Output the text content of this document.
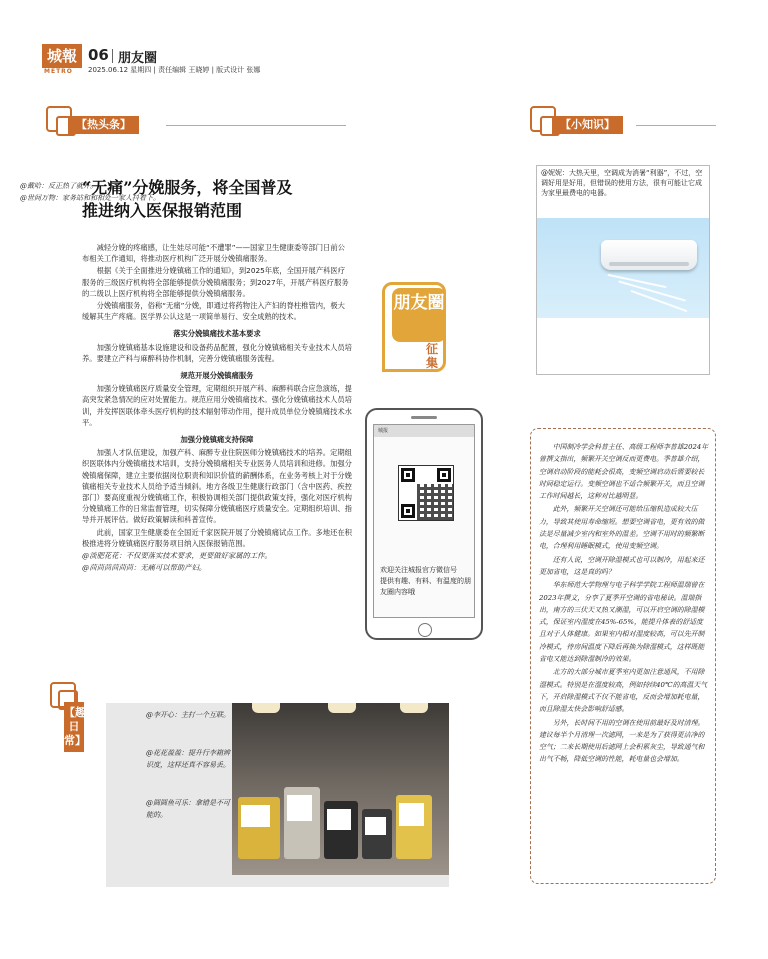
城報
METRO
06 朋友圈
2025.06.12 星期四 | 责任编辑 王晓婷 | 版式设计 张娜
【热头条】
“无痛”分娩服务，将全国普及
推进纳入医保报销范围

减轻分娩的疼痛感，让生娃尽可能“不遭罪”——国家卫生健康委等部门日前公布相关工作通知，将推动医疗机构广泛开展分娩镇痛服务。

根据《关于全面推进分娩镇痛工作的通知》，到2025年底，全国开展产科医疗服务的三级医疗机构将全部能够提供分娩镇痛服务；到2027年，开展产科医疗服务的二级以上医疗机构将全部能够提供分娩镇痛服务。

分娩镇痛服务，俗称“无痛”分娩，即通过将药物注入产妇的脊柱椎管内，极大缓解其生产疼痛。医学界公认这是一项简单易行、安全成熟的技术。

落实分娩镇痛技术基本要求

加强分娩镇痛基本设施建设和设备药品配置，强化分娩镇痛相关专业技术人员培养。要建立产科与麻醉科协作机制，完善分娩镇痛服务流程。

规范开展分娩镇痛服务

加强分娩镇痛医疗质量安全管理，定期组织开展产科、麻醉科联合应急演练，提高突发紧急情况的应对处置能力。规范应用分娩镇痛技术。强化分娩镇痛技术人员培训，并发挥医联体牵头医疗机构的技术辐射带动作用，提升成员单位分娩镇痛技术水平。

加强分娩镇痛支持保障

加强人才队伍建设，加强产科、麻醉专业住院医师分娩镇痛技术的培养。定期组织医联体内分娩镇痛技术培训，支持分娩镇痛相关专业医务人员培训和进修。加强分娩镇痛保障，建立主要依据岗位职责和知识价值的薪酬体系，在业务考核上对于分娩镇痛相关专业技术人员给予适当倾斜。地方各级卫生健康行政部门（含中医药、疾控部门）要高度重视分娩镇痛工作，积极协调相关部门提供政策支持，强化对医疗机构分娩镇痛工作的日常监督管理，切实保障分娩镇痛医疗质量安全。定期组织培训、指导并开展评估。做好政策解读和科普宣传。

此前，国家卫生健康委在全国近千家医院开展了分娩镇痛试点工作。多地还在积极推进将分娩镇痛医疗服务项目纳入医保报销范围。

@淡肥花花：不仅要落实技术要求，更要做好家属的工作。

@茴茴茴茴茴茴：无痛可以帮助产妇。

朋友圈
征集
城报
欢迎关注城报官方微信号
提供有趣、有料、有温度的朋友圈内容哦
【小知识】
@妮妮：大热天里，空调成为消暑“利器”，不过，空调好用是好用，但错误的使用方法，很有可能让它成为家里最费电的电器。
@戴哈：反正热了就开。
@世间万物：家务站和和相处一家人抖着下。

中国制冷学会科普主任、高级工程师李普雄2024年曾撰文指出，频繁开关空调反而更费电。季普雄介绍，空调启动阶段的能耗会很高，变频空调启动后需要较长时间稳定运行。变频空调也不适合频繁开关，而且空调工作时间越长，这种对比越明显。

此外，频繁开关空调还可能给压缩机造成较大压力，导致其使用寿命缩短。想要空调省电，更有效的做法是尽量减少室内和室外的温差。空调不用时的频繁断电，合理利用睡眠模式，使用变频空调。

还有人说，空调开除湿模式也可以制冷，用起来还更加省电，这是真的吗？

华东师范大学物理与电子科学学院工程师温瑞曾在2023年撰文，分享了夏季开空调的省电秘诀。温瑞指出，南方的三伏天又热又潮湿，可以开启空调的除湿模式，保证室内湿度在45%-65%，能提升体表的舒适度且对于人体健康。如果室内相对湿度较高，可以先开制冷模式，待房间温度下降后再换为除湿模式，这样既能省电又能达到除湿制冷的效果。

北方的大部分城市夏季室内更加注意通风，不用除湿模式。特别是在湿度较高，例如持续40℃的高温天气下，开启除湿模式不仅不能省电，反而会增加耗电量，而且除湿太快会影响舒适感。

另外，长时间不用的空调在使用前最好及时清理。建议每半个月清理一次滤网，一来是为了获得更洁净的空气；二来长期使用后滤网上会积累灰尘，导致通气和出气不畅，降低空调的性能，耗电量也会增加。

【趣日常】

@李开心：主打一个互联。

@花花盈盈：提升行李箱辨识度，这样还真不容易丢。

@圆圆鱼可乐：拿错是不可能的。
